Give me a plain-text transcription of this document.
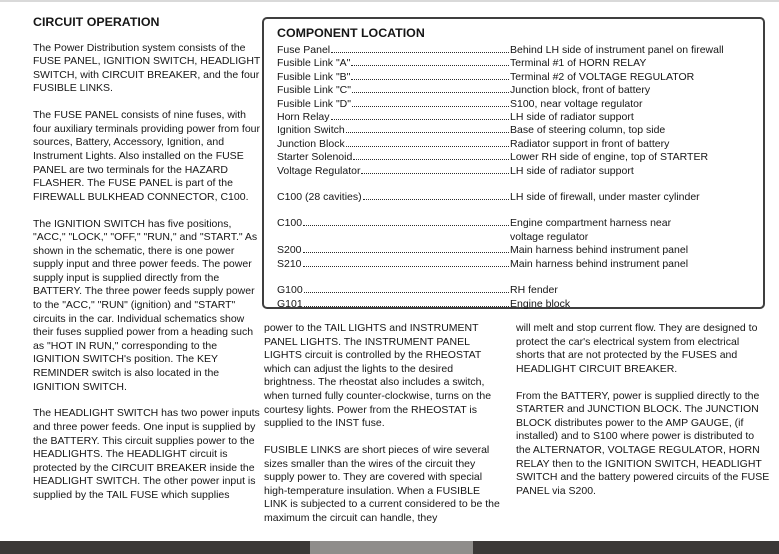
CIRCUIT OPERATION

The Power Distribution system consists of the FUSE PANEL, IGNITION SWITCH, HEADLIGHT SWITCH, with CIRCUIT BREAKER, and the four FUSIBLE LINKS.

The FUSE PANEL consists of nine fuses, with four auxiliary terminals providing power from four sources, Battery, Accessory, Ignition, and Instrument Lights. Also installed on the FUSE PANEL are two terminals for the HAZARD FLASHER. The FUSE PANEL is part of the FIREWALL BULKHEAD CONNECTOR, C100.

The IGNITION SWITCH has five positions, "ACC," "LOCK," "OFF," "RUN," and "START." As shown in the schematic, there is one power supply input and three power feeds. The power supply input is supplied directly from the BATTERY. The three power feeds supply power to the "ACC," "RUN" (ignition) and "START" circuits in the car. Individual schematics show their fuses supplied power from a heading such as "HOT IN RUN," corresponding to the IGNITION SWITCH's position. The KEY REMINDER switch is also located in the IGNITION SWITCH.

The HEADLIGHT SWITCH has two power inputs and three power feeds. One input is supplied by the BATTERY. This circuit supplies power to the HEADLIGHTS. The HEADLIGHT circuit is protected by the CIRCUIT BREAKER inside the HEADLIGHT SWITCH. The other power input is supplied by the TAIL FUSE which supplies

COMPONENT LOCATION
Fuse Panel	Behind LH side of instrument panel on firewall
Fusible Link "A"	Terminal #1 of HORN RELAY
Fusible Link "B"	Terminal #2 of VOLTAGE REGULATOR
Fusible Link "C"	Junction block, front of battery
Fusible Link "D"	S100, near voltage regulator
Horn Relay	LH side of radiator support
Ignition Switch	Base of steering column, top side
Junction Block	Radiator support in front of battery
Starter Solenoid	Lower RH side of engine, top of STARTER
Voltage Regulator	LH side of radiator support
C100 (28 cavities)	LH side of firewall, under master cylinder
C100	Engine compartment harness near
voltage regulator
S200	Main harness behind instrument panel
S210	Main harness behind instrument panel
G100	RH fender
G101	Engine block

power to the TAIL LIGHTS and INSTRUMENT PANEL LIGHTS. The INSTRUMENT PANEL LIGHTS circuit is controlled by the RHEOSTAT which can adjust the lights to the desired brightness. The rheostat also includes a switch, when turned fully counter-clockwise, turns on the courtesy lights. Power from the RHEOSTAT is supplied to the INST fuse.

FUSIBLE LINKS are short pieces of wire several sizes smaller than the wires of the circuit they supply power to. They are covered with special high-temperature insulation. When a FUSIBLE LINK is subjected to a current considered to be the maximum the circuit can handle, they

will melt and stop current flow. They are designed to protect the car's electrical system from electrical shorts that are not protected by the FUSES and HEADLIGHT CIRCUIT BREAKER.

From the BATTERY, power is supplied directly to the STARTER and JUNCTION BLOCK. The JUNCTION BLOCK distributes power to the AMP GAUGE, (if installed) and to S100 where power is distributed to the ALTERNATOR, VOLTAGE REGULATOR, HORN RELAY then to the IGNITION SWITCH, HEADLIGHT SWITCH and the battery powered circuits of the FUSE PANEL via S200.
